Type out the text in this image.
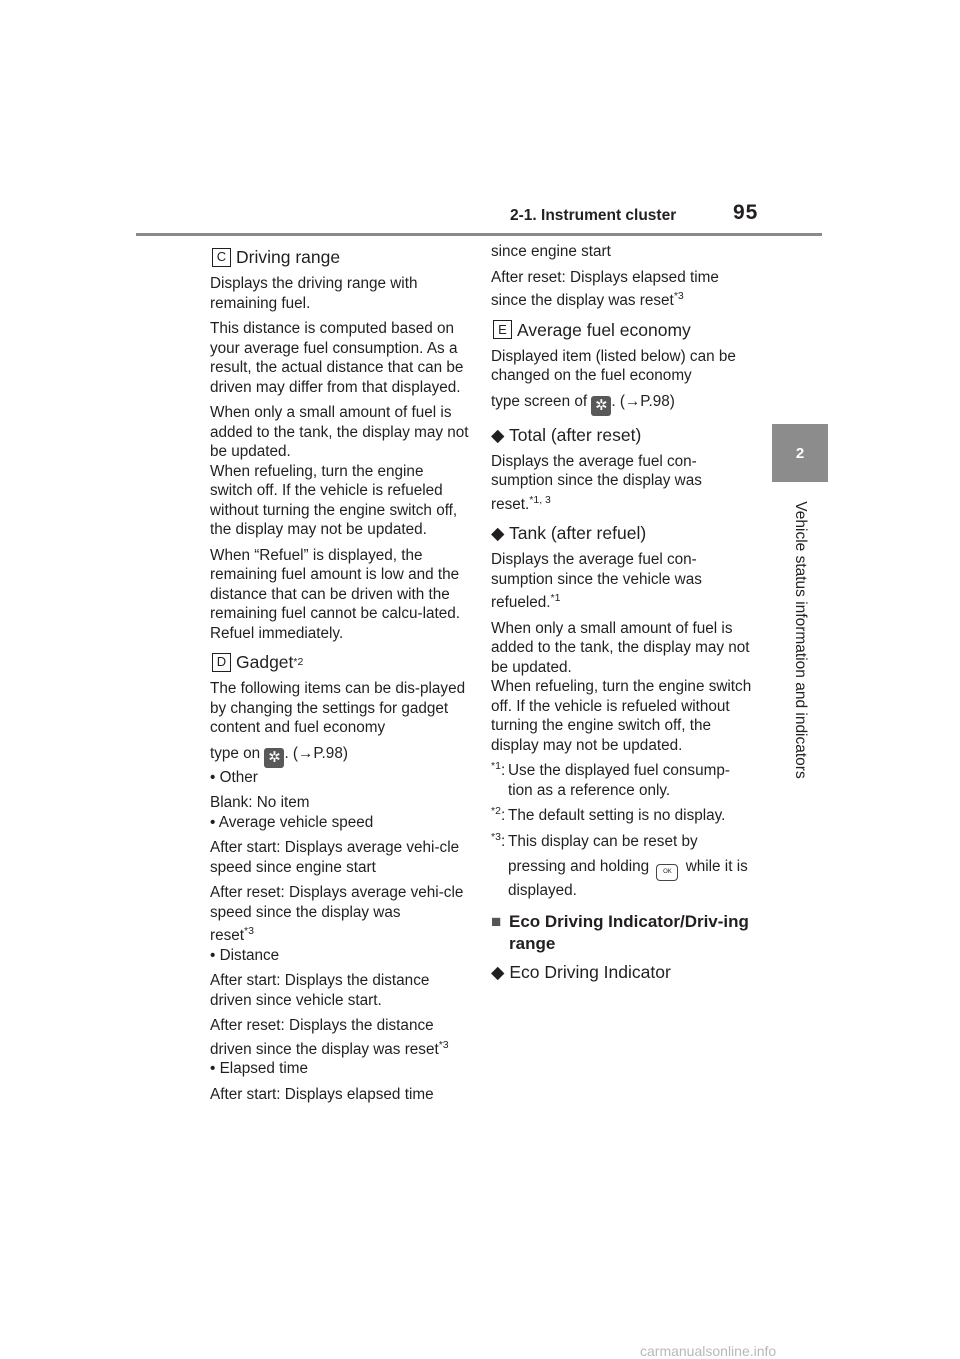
2-1. Instrument cluster	95
2
Vehicle status information and indicators
C Driving range

Displays the driving range with remaining fuel.

This distance is computed based on your average fuel consumption. As a result, the actual distance that can be driven may differ from that displayed.

When only a small amount of fuel is added to the tank, the display may not be updated.

When refueling, turn the engine switch off. If the vehicle is refueled without turning the engine switch off, the display may not be updated.

When “Refuel” is displayed, the remaining fuel amount is low and the distance that can be driven with the remaining fuel cannot be calcu-lated.

Refuel immediately.

D Gadget *2

The following items can be dis-played by changing the settings for gadget content and fuel economy

type on ✲ . (→P.98)

• Other

Blank: No item

• Average vehicle speed

After start: Displays average vehi-cle speed since engine start

After reset: Displays average vehi-cle speed since the display was

reset$^{*3}$

• Distance

After start: Displays the distance driven since vehicle start.

After reset: Displays the distance

driven since the display was reset$^{*3}$

• Elapsed time

After start: Displays elapsed time

since engine start

After reset: Displays elapsed time

since the display was reset$^{*3}$

E Average fuel economy

Displayed item (listed below) can be changed on the fuel economy

type screen of ✲ . (→P.98)

◆ Total (after reset)

Displays the average fuel con-sumption since the display was

reset.$^{*1, 3}$

◆ Tank (after refuel)

Displays the average fuel con-sumption since the vehicle was

refueled.$^{*1}$

When only a small amount of fuel is added to the tank, the display may not be updated.

When refueling, turn the engine switch off. If the vehicle is refueled without turning the engine switch off, the display may not be updated.

$^{*1}$: Use the displayed fuel consump-tion as a reference only.
$^{*2}$: The default setting is no display.
$^{*3}$: This display can be reset by
pressing and holding OK while it is displayed.
■ Eco Driving Indicator/Driv-ing range
◆ Eco Driving Indicator
carmanualsonline.info
